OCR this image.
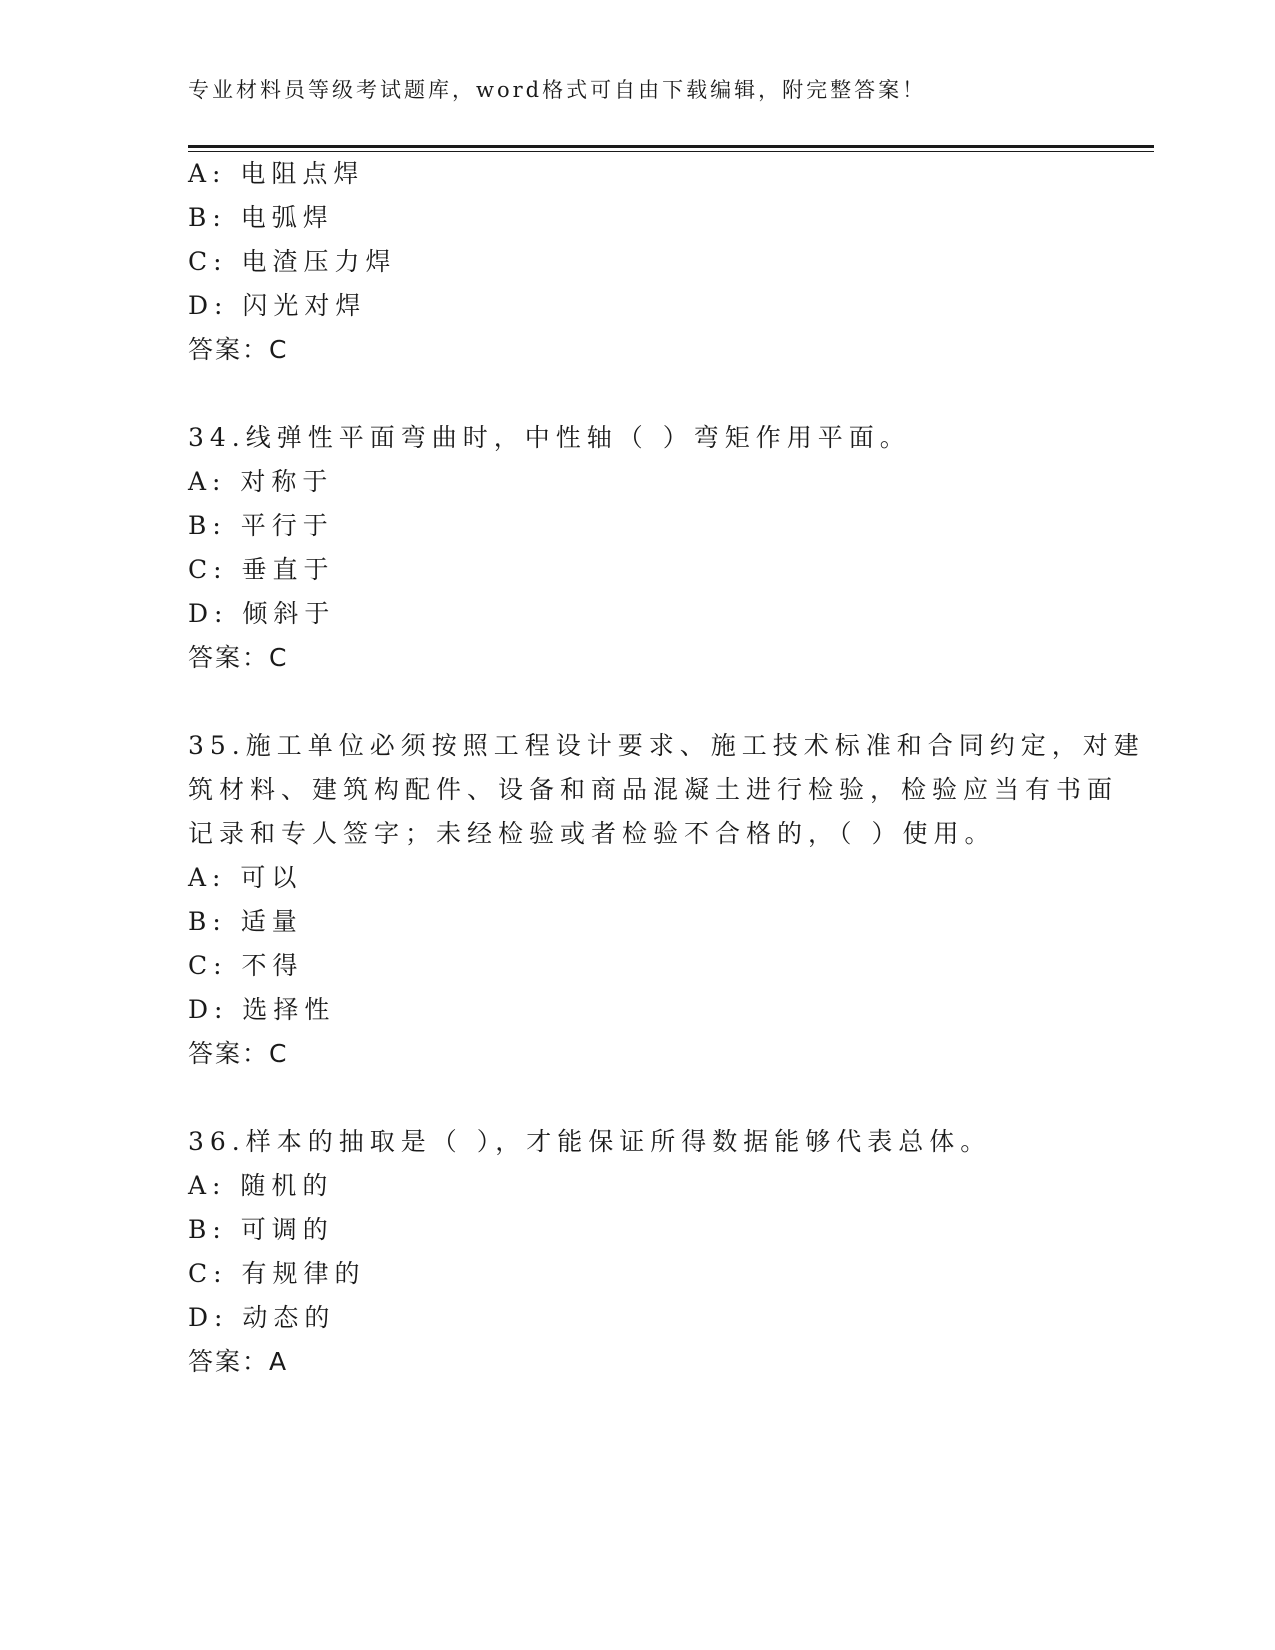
专业材料员等级考试题库，word格式可自由下载编辑，附完整答案！
A: 电阻点焊
B: 电弧焊
C: 电渣压力焊
D: 闪光对焊
答案：C
34.线弹性平面弯曲时，中性轴（ ）弯矩作用平面。
A: 对称于
B: 平行于
C: 垂直于
D: 倾斜于
答案：C
35.施工单位必须按照工程设计要求、施工技术标准和合同约定，对建
筑材料、建筑构配件、设备和商品混凝土进行检验，检验应当有书面
记录和专人签字；未经检验或者检验不合格的，（ ）使用。
A: 可以
B: 适量
C: 不得
D: 选择性
答案：C
36.样本的抽取是（ ），才能保证所得数据能够代表总体。
A: 随机的
B: 可调的
C: 有规律的
D: 动态的
答案：A
